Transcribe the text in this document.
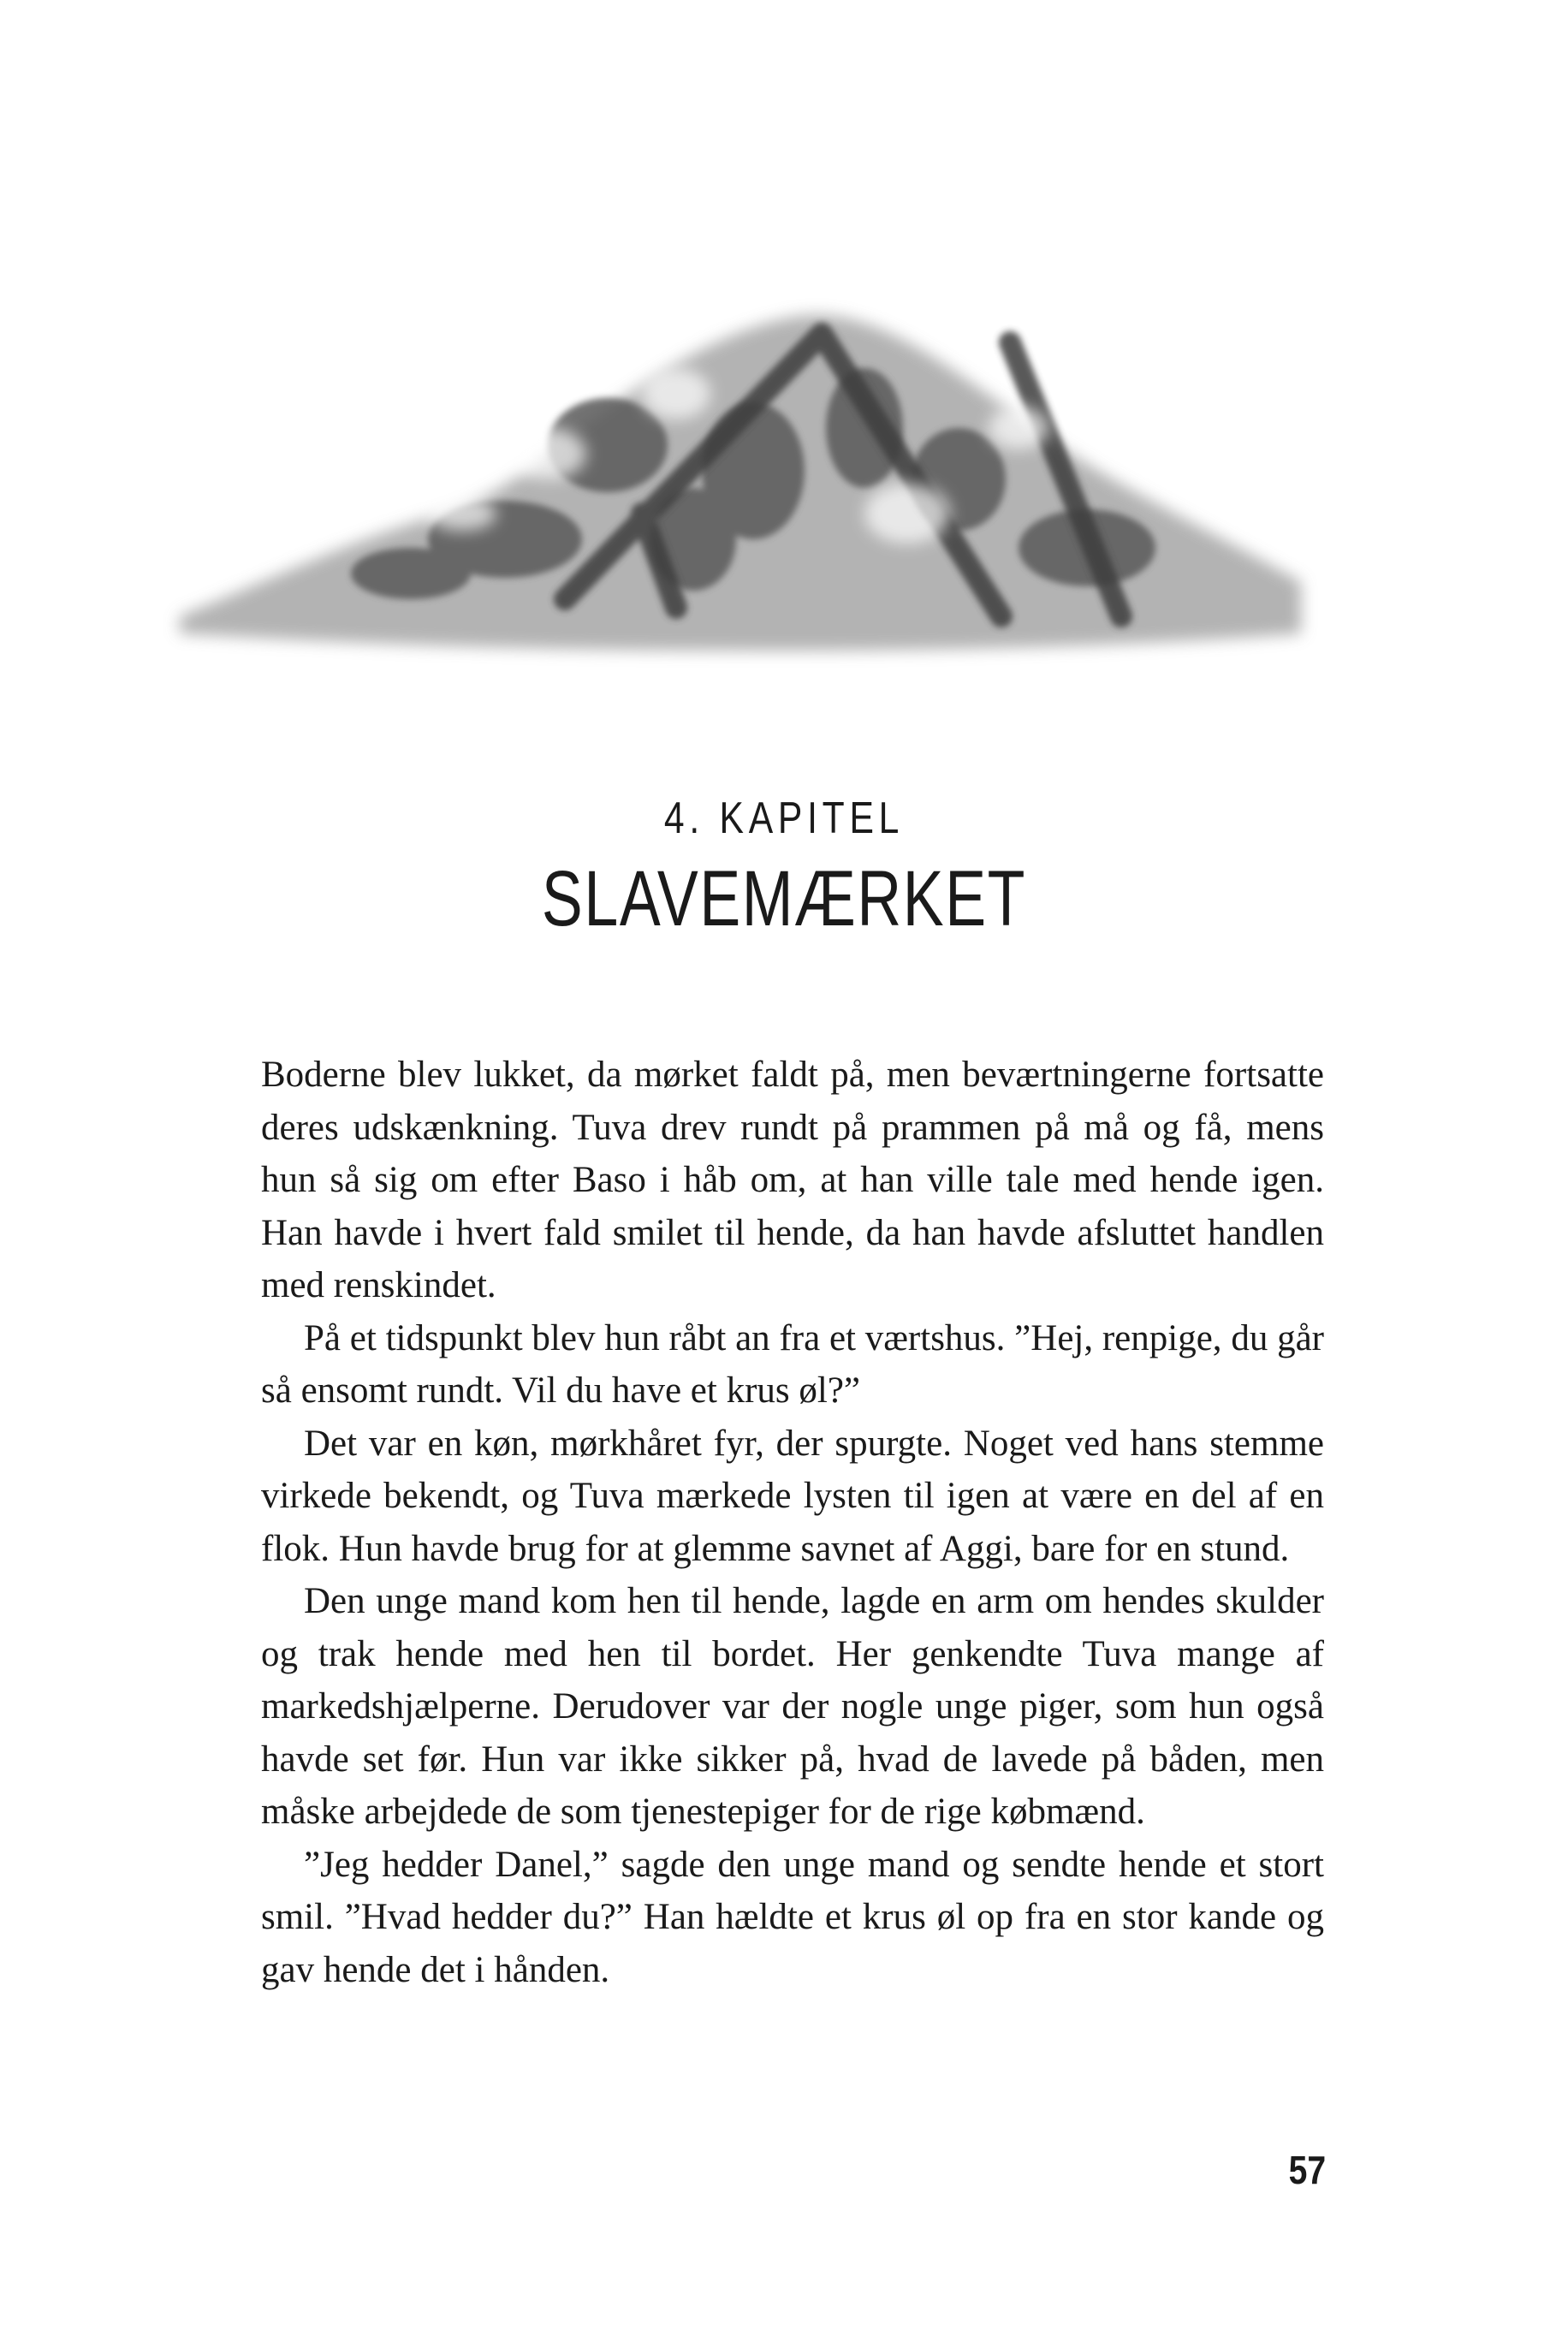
4. KAPITEL
SLAVEMÆRKET

Boderne blev lukket, da mørket faldt på, men beværtningerne fortsatte deres udskænkning. Tuva drev rundt på prammen på må og få, mens hun så sig om efter Baso i håb om, at han ville tale med hende igen. Han havde i hvert fald smilet til hende, da han havde afsluttet handlen med renskindet.

På et tidspunkt blev hun råbt an fra et værtshus. ”Hej, renpige, du går så ensomt rundt. Vil du have et krus øl?”

Det var en køn, mørkhåret fyr, der spurgte. Noget ved hans stemme virkede bekendt, og Tuva mærkede lysten til igen at være en del af en flok. Hun havde brug for at glemme savnet af Aggi, bare for en stund.

Den unge mand kom hen til hende, lagde en arm om hendes skulder og trak hende med hen til bordet. Her genkendte Tuva mange af markedshjælperne. Derudover var der nogle unge piger, som hun også havde set før. Hun var ikke sikker på, hvad de lavede på båden, men måske arbejdede de som tjenestepiger for de rige købmænd.

”Jeg hedder Danel,” sagde den unge mand og sendte hende et stort smil. ”Hvad hedder du?” Han hældte et krus øl op fra en stor kande og gav hende det i hånden.

57
